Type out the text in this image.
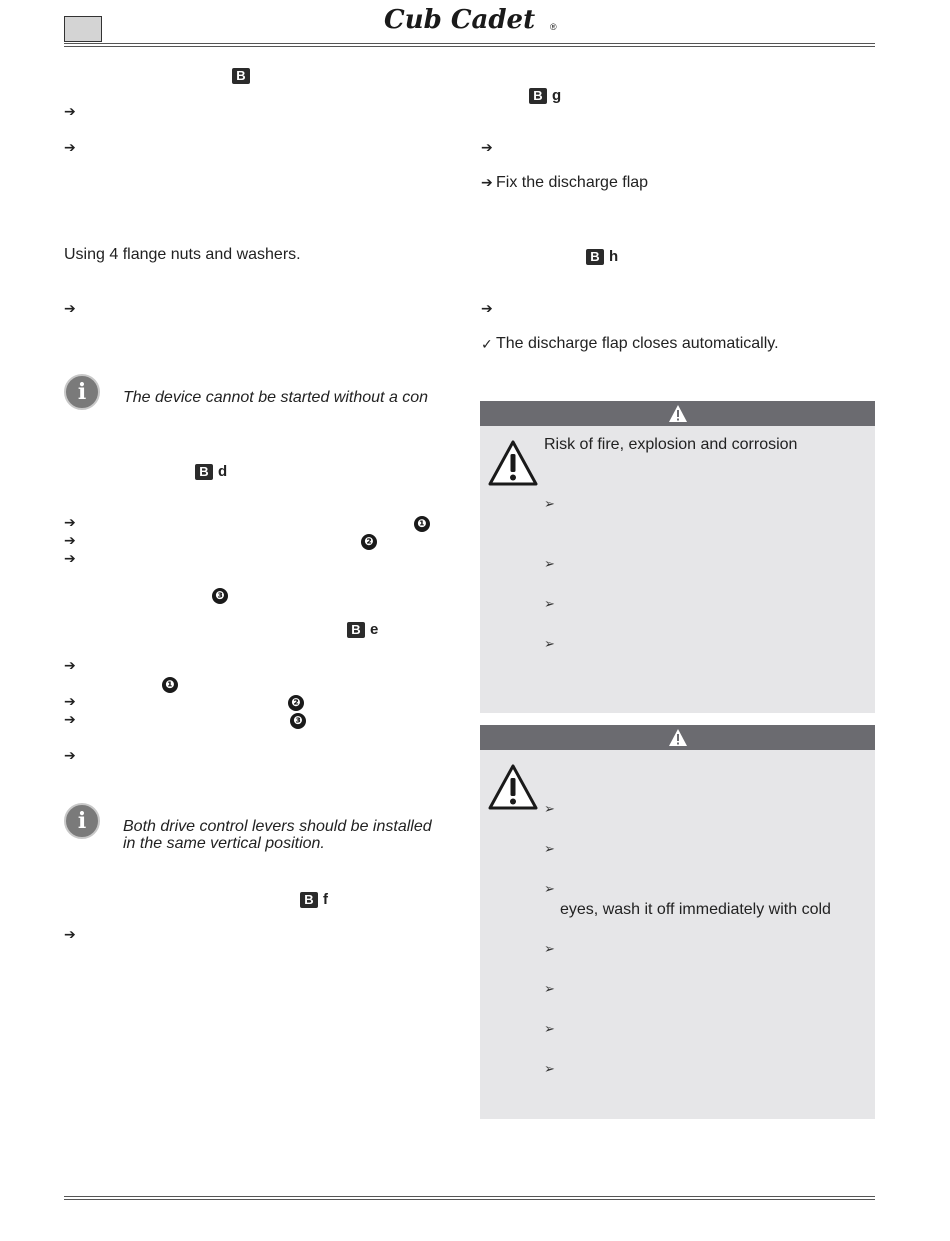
Cub Cadet ®
B
➔
➔
Using 4 flange nuts and washers.
➔
i	The device cannot be started without a con
B d
➔	❶
➔	❷
➔
❸
B e
➔
❶
➔	❷
➔	❸
➔
i	Both drive control levers should be installed
in the same vertical position.
B f
➔
B g
➔
➔ Fix the discharge flap
B h
➔
✓ The discharge flap closes automatically.
Risk of fire, explosion and corrosion
➢
➢
➢
➢
➢
➢
➢
eyes, wash it off immediately with cold
➢
➢
➢
➢
